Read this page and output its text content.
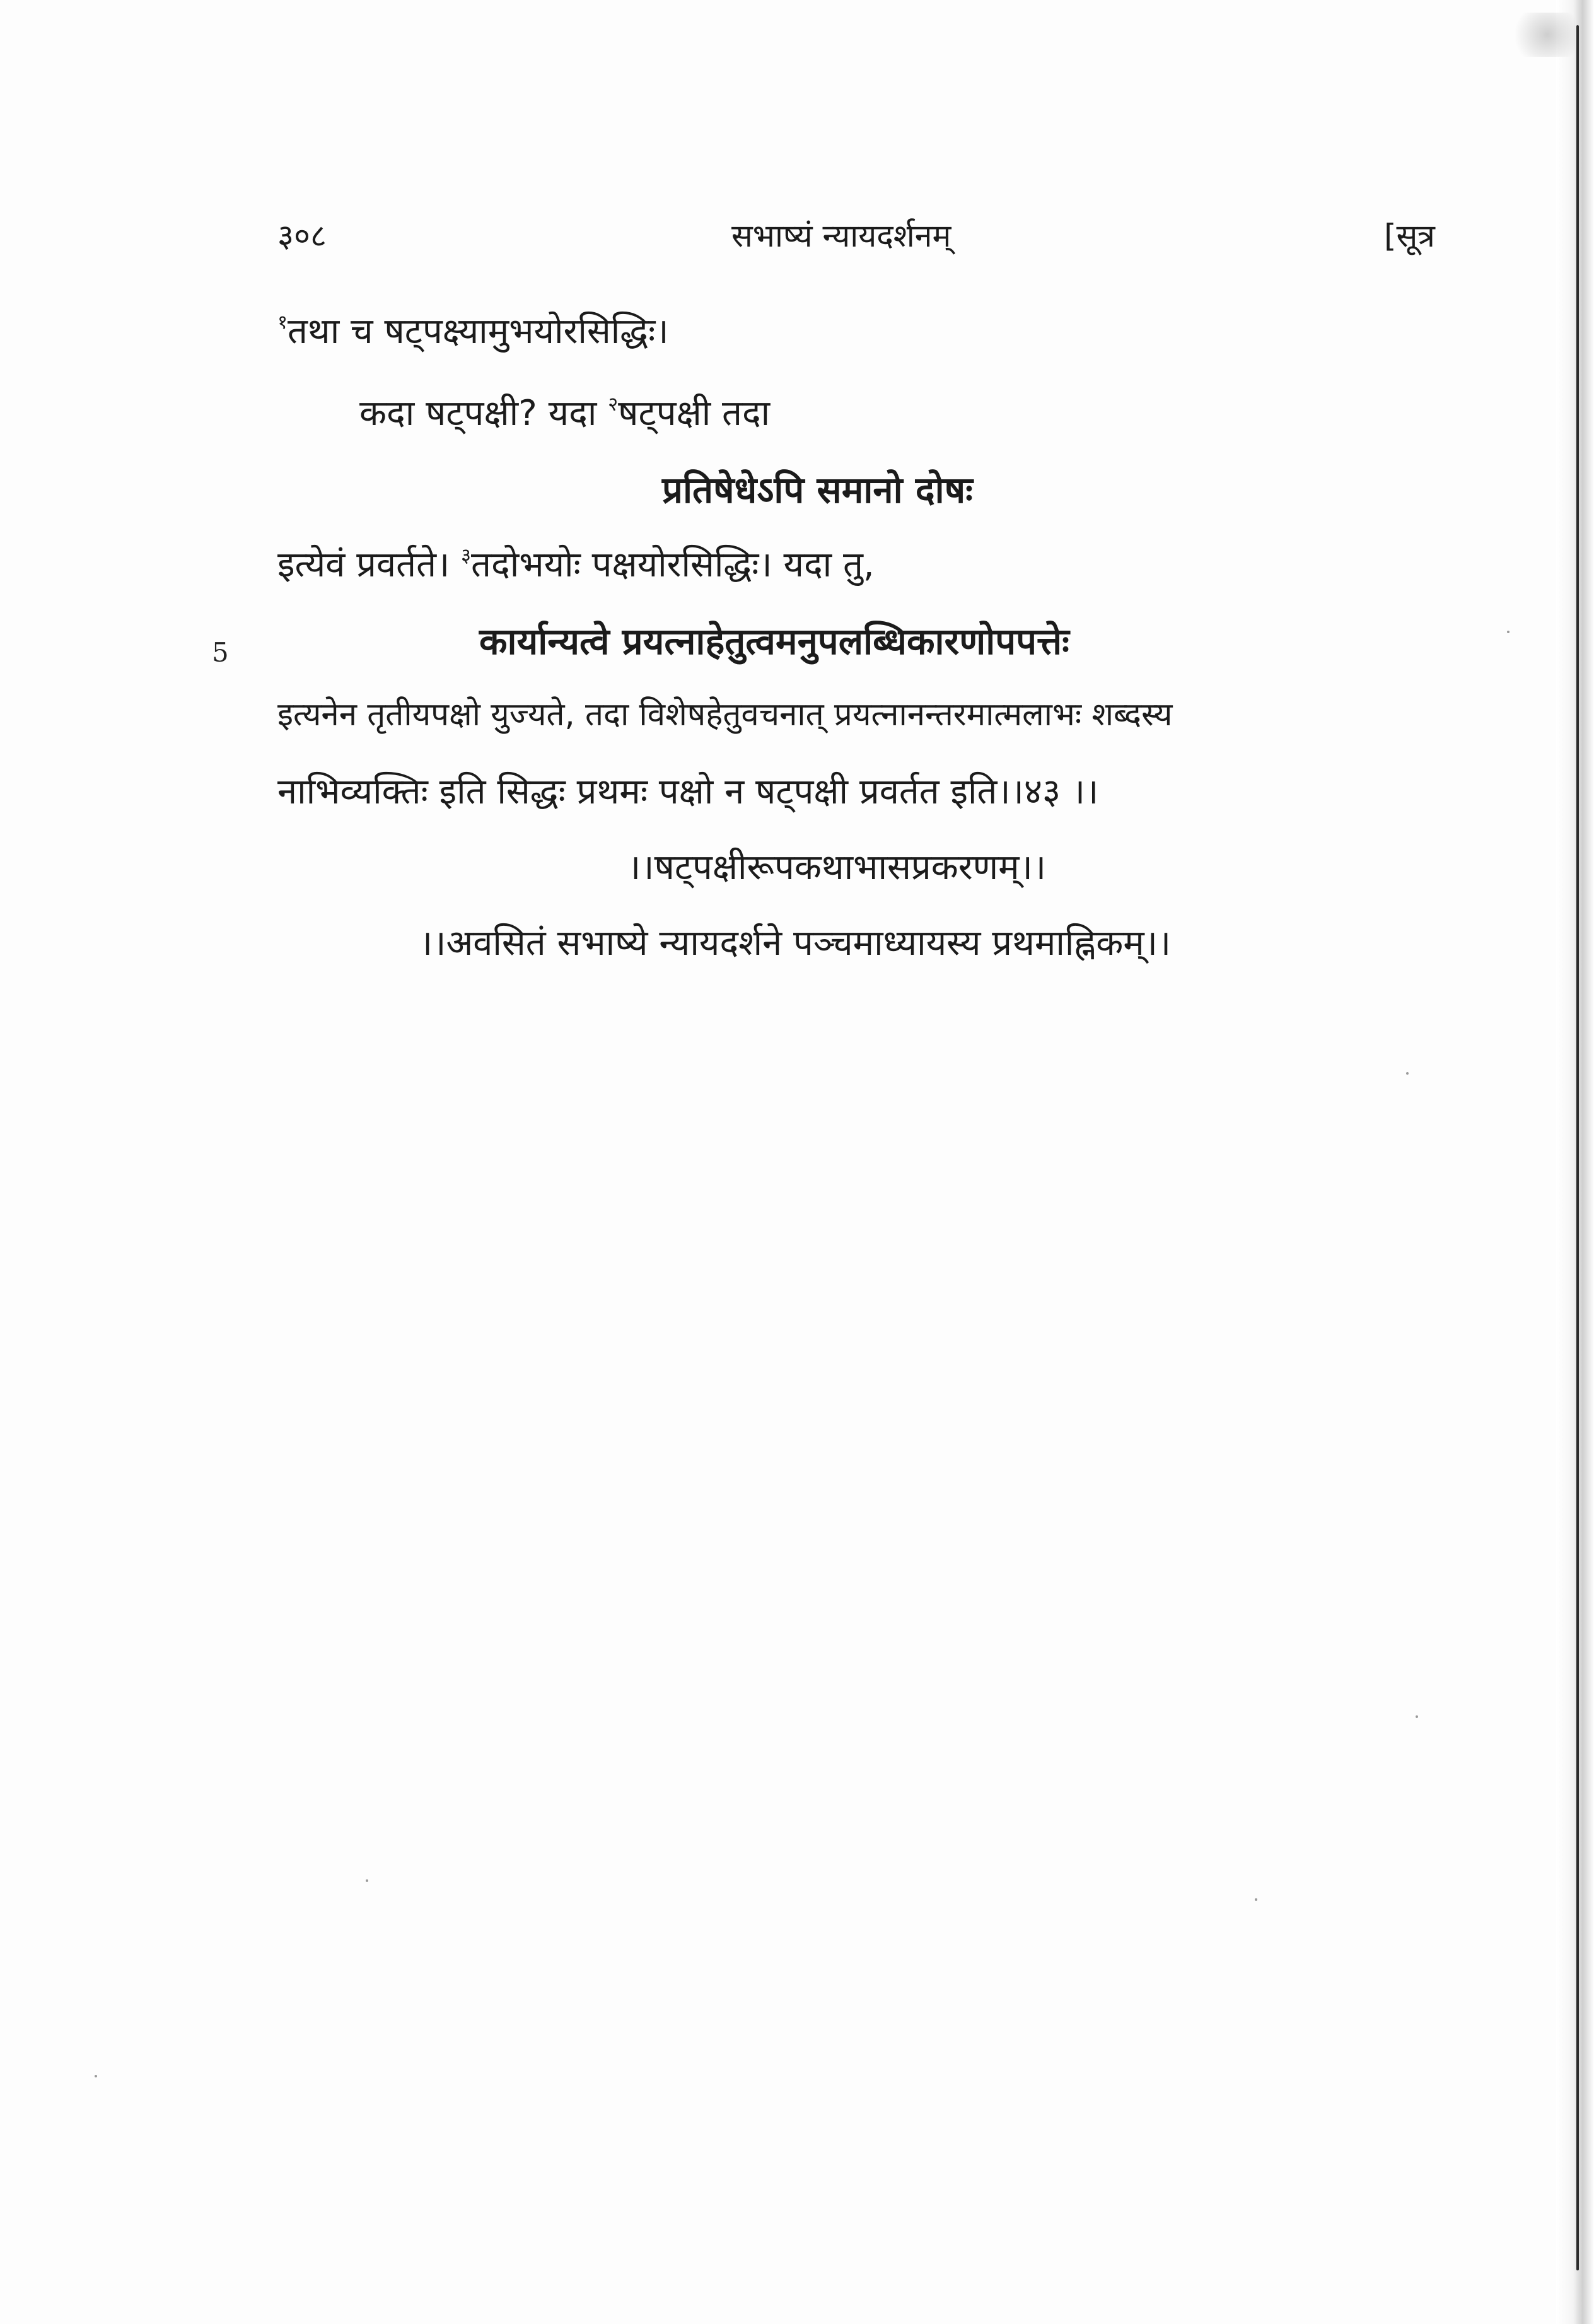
३०८	सभाष्यं न्यायदर्शनम्	[सूत्र
5
$^१$तथा च षट्पक्ष्यामुभयोरसिद्धिः।
कदा षट्पक्षी? यदा $^२$षट्पक्षी तदा
प्रतिषेधेऽपि समानो दोषः
इत्येवं प्रवर्तते। $^३$तदोभयोः पक्षयोरसिद्धिः। यदा तु,
कार्यान्यत्वे प्रयत्नाहेतुत्वमनुपलब्धिकारणोपपत्तेः
इत्यनेन तृतीयपक्षो युज्यते, तदा विशेषहेतुवचनात् प्रयत्नानन्तरमात्मलाभः शब्दस्य
नाभिव्यक्तिः इति सिद्धः प्रथमः पक्षो न षट्पक्षी प्रवर्तत इति।।४३ ।।
।।षट्पक्षीरूपकथाभासप्रकरणम्।।
।।अवसितं सभाष्ये न्यायदर्शने पञ्चमाध्यायस्य प्रथमाह्निकम्।।
